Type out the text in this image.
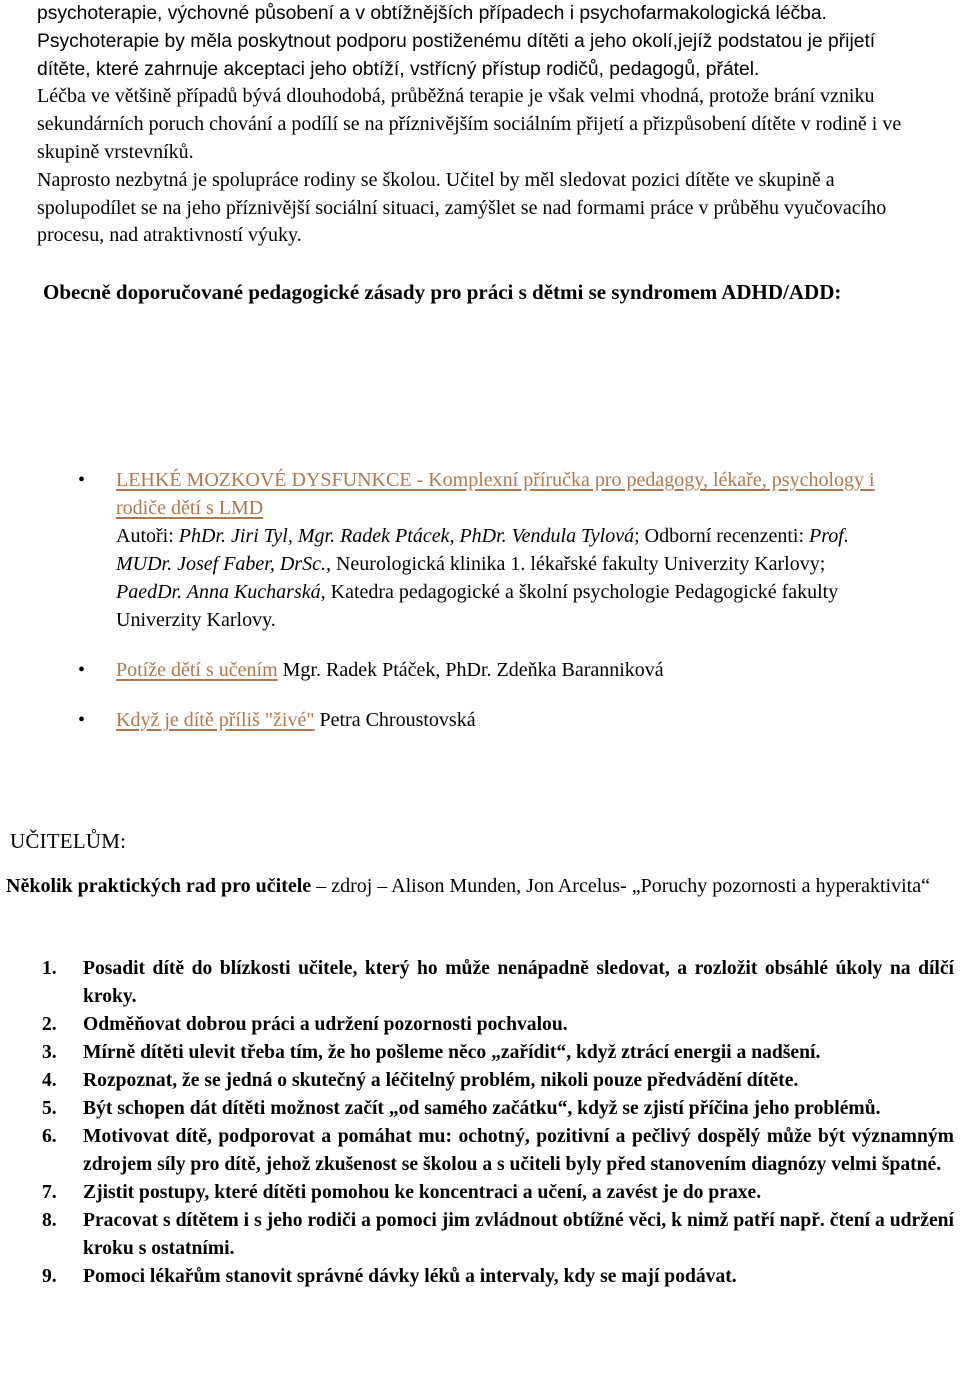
psychoterapie, výchovné působení a v obtížnějších případech i psychofarmakologická léčba. Psychoterapie by měla poskytnout podporu postiženému dítěti a jeho okolí,jejíž podstatou je přijetí dítěte, které zahrnuje akceptaci jeho obtíží, vstřícný přístup rodičů, pedagogů, přátel.

Léčba ve většině případů bývá dlouhodobá, průběžná terapie je však velmi vhodná, protože brání vzniku sekundárních poruch chování a podílí se na příznivějším sociálním přijetí a přizpůsobení dítěte v rodině i ve skupině vrstevníků.

Naprosto nezbytná je spolupráce rodiny se školou. Učitel by měl sledovat pozici dítěte ve skupině a spolupodílet se na jeho příznivější sociální situaci, zamýšlet se nad formami práce v průběhu vyučovacího procesu, nad atraktivností výuky.

Obecně doporučované pedagogické zásady pro práci s dětmi se syndromem ADHD/ADD:
• LEHKÉ MOZKOVÉ DYSFUNKCE - Komplexní příručka pro pedagogy, lékaře, psychology i rodiče dětí s LMD
Autoři: PhDr. Jiri Tyl, Mgr. Radek Ptácek, PhDr. Vendula Tylová; Odborní recenzenti: Prof. MUDr. Josef Faber, DrSc., Neurologická klinika 1. lékařské fakulty Univerzity Karlovy; PaedDr. Anna Kucharská, Katedra pedagogické a školní psychologie Pedagogické fakulty Univerzity Karlovy.
• Potíže dětí s učením Mgr. Radek Ptáček, PhDr. Zdeňka Baranniková
• Když je dítě příliš "živé" Petra Chroustovská
UČITELŮM:
Několik praktických rad pro učitele – zdroj – Alison Munden, Jon Arcelus- „Poruchy pozornosti a hyperaktivita“
1. Posadit dítě do blízkosti učitele, který ho může nenápadně sledovat, a rozložit obsáhlé úkoly na dílčí kroky.
2. Odměňovat dobrou práci a udržení pozornosti pochvalou.
3. Mírně dítěti ulevit třeba tím, že ho pošleme něco „zařídit“, když ztrácí energii a nadšení.
4. Rozpoznat, že se jedná o skutečný a léčitelný problém, nikoli pouze předvádění dítěte.
5. Být schopen dát dítěti možnost začít „od samého začátku“, když se zjistí příčina jeho problémů.
6. Motivovat dítě, podporovat a pomáhat mu: ochotný, pozitivní a pečlivý dospělý může být významným zdrojem síly pro dítě, jehož zkušenost se školou a s učiteli byly před stanovením diagnózy velmi špatné.
7. Zjistit postupy, které dítěti pomohou ke koncentraci a učení, a zavést je do praxe.
8. Pracovat s dítětem i s jeho rodiči a pomoci jim zvládnout obtížné věci, k nimž patří např. čtení a udržení kroku s ostatními.
9. Pomoci lékařům stanovit správné dávky léků a intervaly, kdy se mají podávat.
